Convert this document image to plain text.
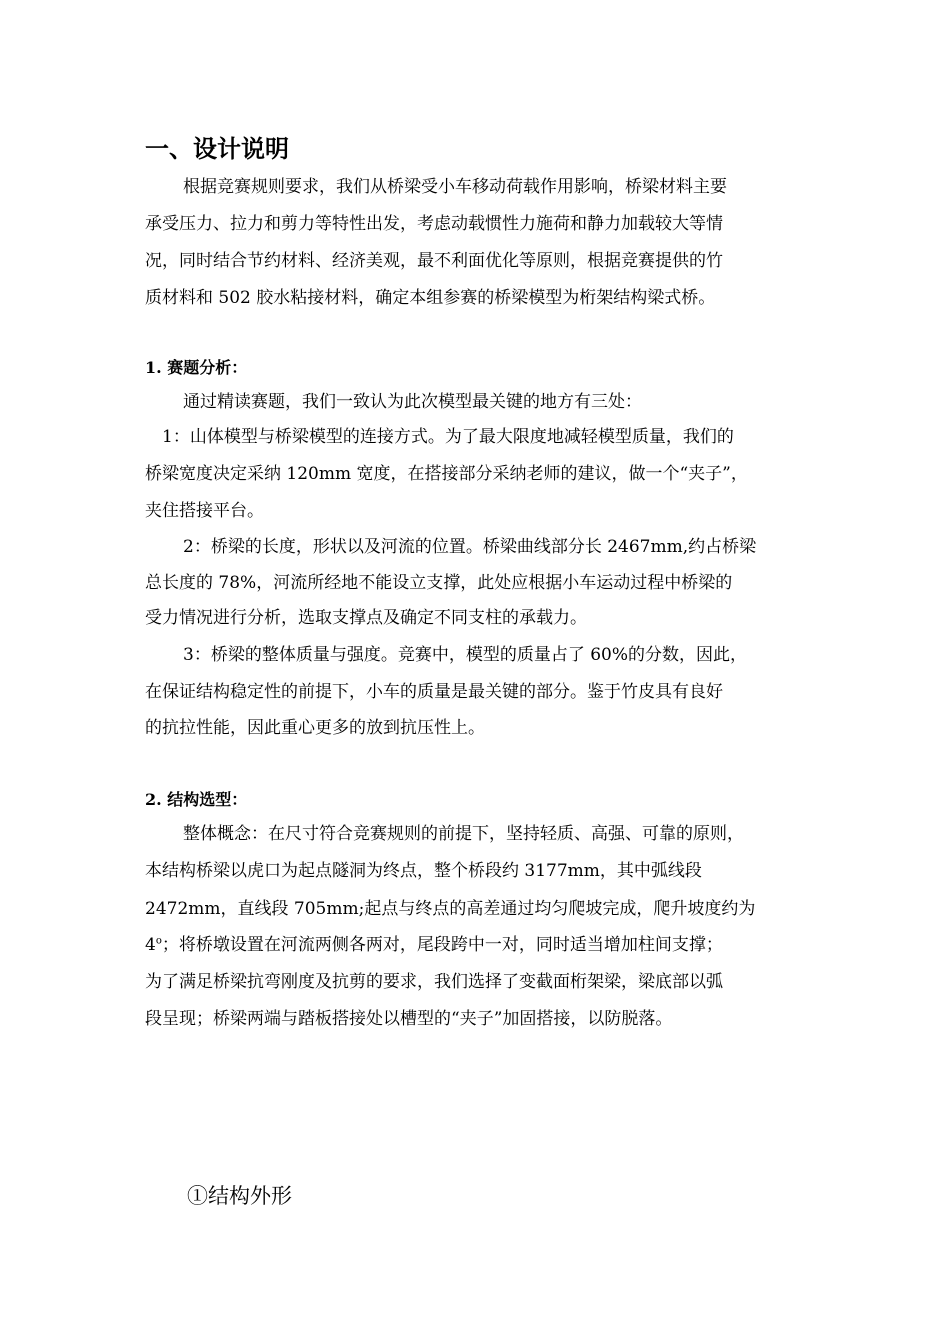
一、设计说明
根据竞赛规则要求，我们从桥梁受小车移动荷载作用影响，桥梁材料主要
承受压力、拉力和剪力等特性出发，考虑动载惯性力施荷和静力加载较大等情
况，同时结合节约材料、经济美观，最不利面优化等原则，根据竞赛提供的竹
质材料和 502 胶水粘接材料，确定本组参赛的桥梁模型为桁架结构梁式桥。
1. 赛题分析：
通过精读赛题，我们一致认为此次模型最关键的地方有三处：
1：山体模型与桥梁模型的连接方式。为了最大限度地减轻模型质量，我们的
桥梁宽度决定采纳 120mm 宽度，在搭接部分采纳老师的建议，做一个“夹子”，
夹住搭接平台。
2：桥梁的长度，形状以及河流的位置。桥梁曲线部分长 2467mm,约占桥梁
总长度的 78%，河流所经地不能设立支撑，此处应根据小车运动过程中桥梁的
受力情况进行分析，选取支撑点及确定不同支柱的承载力。
3：桥梁的整体质量与强度。竞赛中，模型的质量占了 60%的分数，因此，
在保证结构稳定性的前提下，小车的质量是最关键的部分。鉴于竹皮具有良好
的抗拉性能，因此重心更多的放到抗压性上。
2. 结构选型：
整体概念：在尺寸符合竞赛规则的前提下，坚持轻质、高强、可靠的原则，
本结构桥梁以虎口为起点隧洞为终点，整个桥段约 3177mm，其中弧线段
2472mm，直线段 705mm;起点与终点的高差通过均匀爬坡完成，爬升坡度约为
4$^o$；将桥墩设置在河流两侧各两对，尾段跨中一对，同时适当增加柱间支撑；
为了满足桥梁抗弯刚度及抗剪的要求，我们选择了变截面桁架梁，梁底部以弧
段呈现；桥梁两端与踏板搭接处以槽型的“夹子”加固搭接，以防脱落。
①结构外形
